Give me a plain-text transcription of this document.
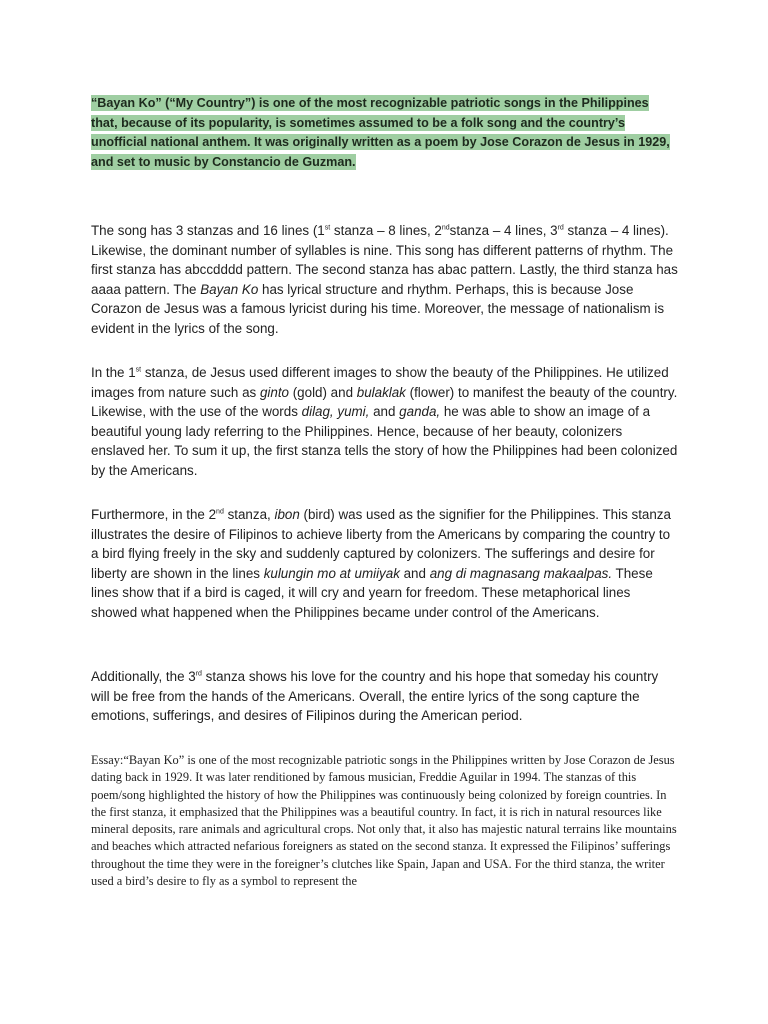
“Bayan Ko” (“My Country”) is one of the most recognizable patriotic songs in the Philippines that, because of its popularity, is sometimes assumed to be a folk song and the country’s unofficial national anthem. It was originally written as a poem by Jose Corazon de Jesus in 1929, and set to music by Constancio de Guzman.

The song has 3 stanzas and 16 lines (1st stanza – 8 lines, 2ndstanza – 4 lines, 3rd stanza – 4 lines). Likewise, the dominant number of syllables is nine. This song has different patterns of rhythm. The first stanza has abccdddd pattern. The second stanza has abac pattern. Lastly, the third stanza has aaaa pattern. The Bayan Ko has lyrical structure and rhythm. Perhaps, this is because Jose Corazon de Jesus was a famous lyricist during his time. Moreover, the message of nationalism is evident in the lyrics of the song.

In the 1st stanza, de Jesus used different images to show the beauty of the Philippines. He utilized images from nature such as ginto (gold) and bulaklak (flower) to manifest the beauty of the country. Likewise, with the use of the words dilag, yumi, and ganda, he was able to show an image of a beautiful young lady referring to the Philippines. Hence, because of her beauty, colonizers enslaved her. To sum it up, the first stanza tells the story of how the Philippines had been colonized by the Americans.

Furthermore, in the 2nd stanza, ibon (bird) was used as the signifier for the Philippines. This stanza illustrates the desire of Filipinos to achieve liberty from the Americans by comparing the country to a bird flying freely in the sky and suddenly captured by colonizers. The sufferings and desire for liberty are shown in the lines kulungin mo at umiiyak and ang di magnasang makaalpas. These lines show that if a bird is caged, it will cry and yearn for freedom. These metaphorical lines showed what happened when the Philippines became under control of the Americans.

Additionally, the 3rd stanza shows his love for the country and his hope that someday his country will be free from the hands of the Americans. Overall, the entire lyrics of the song capture the emotions, sufferings, and desires of Filipinos during the American period.

Essay:“Bayan Ko” is one of the most recognizable patriotic songs in the Philippines written by Jose Corazon de Jesus dating back in 1929. It was later renditioned by famous musician, Freddie Aguilar in 1994. The stanzas of this poem/song highlighted the history of how the Philippines was continuously being colonized by foreign countries. In the first stanza, it emphasized that the Philippines was a beautiful country. In fact, it is rich in natural resources like mineral deposits, rare animals and agricultural crops. Not only that, it also has majestic natural terrains like mountains and beaches which attracted nefarious foreigners as stated on the second stanza. It expressed the Filipinos’ sufferings throughout the time they were in the foreigner’s clutches like Spain, Japan and USA. For the third stanza, the writer used a bird’s desire to fly as a symbol to represent the
